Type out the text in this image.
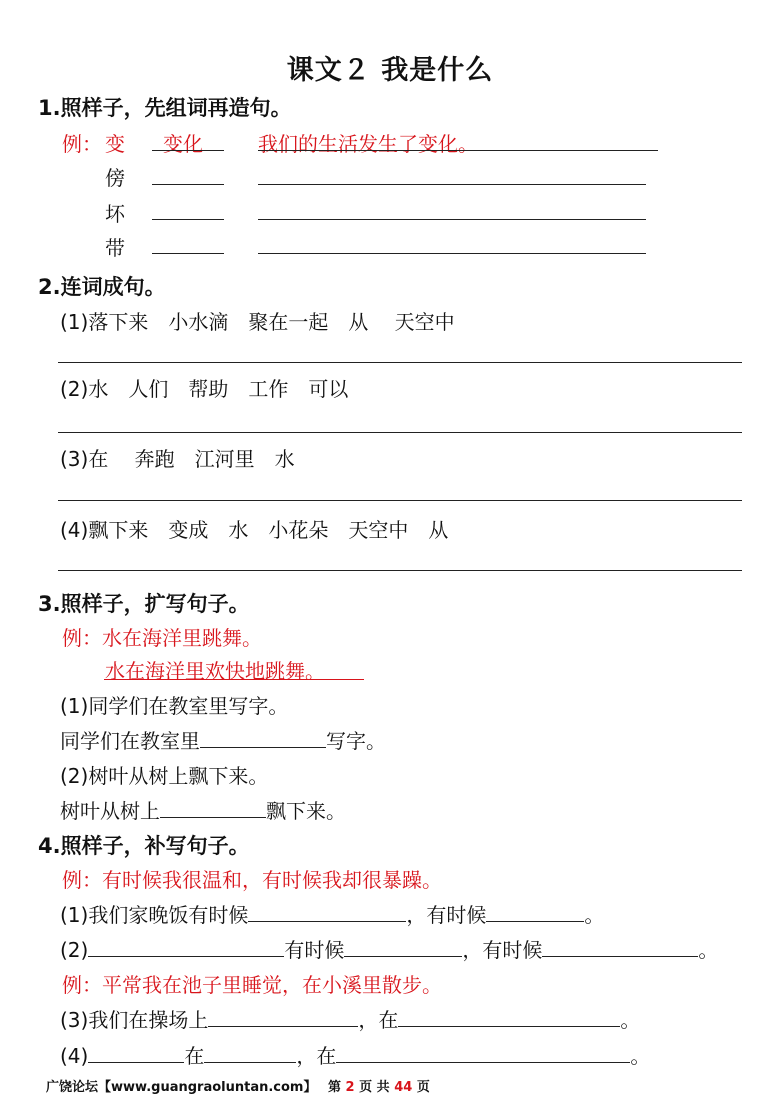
课文２ 我是什么
1.照样子，先组词再造句。
例： 变 变化	我们的生活发生了变化。
傍
坏
带
2.连词成句。
(1)落下来　小水滴　聚在一起　从　 天空中
(2)水　人们　帮助　工作　可以
(3)在　 奔跑　江河里　水
(4)飘下来　变成　水　小花朵　天空中　从
3.照样子，扩写句子。
例：水在海洋里跳舞。
水在海洋里欢快地跳舞。
(1)同学们在教室里写字。
同学们在教室里	写字。
(2)树叶从树上飘下来。
树叶从树上	飘下来。
4.照样子，补写句子。
例：有时候我很温和，有时候我却很暴躁。
(1)我们家晚饭有时候	，有时候	。
(2)	有时候	，有时候	。
例：平常我在池子里睡觉，在小溪里散步。
(3)我们在操场上	，在	。
(4)	在	，在	。
广饶论坛【www.guangraoluntan.com】 第 2 页 共 44 页
